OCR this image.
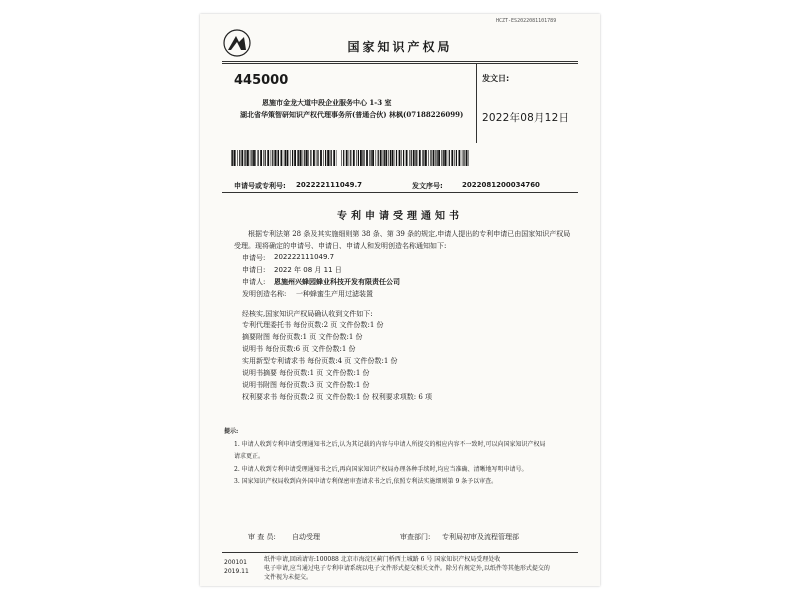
HCZT-ES2022081101789
国家知识产权局
445000
恩施市金龙大道中段企业服务中心 1-3 室
湖北省华策智研知识产权代理事务所(普通合伙) 林枫(07188226099)
发文日:
2022年08月12日
申请号或专利号: 202222111049.7	发文序号:	2022081200034760
专利申请受理通知书
根据专利法第 28 条及其实施细则第 38 条、第 39 条的规定,申请人提出的专利申请已由国家知识产权局
受理。现将确定的申请号、申请日、申请人和发明创造名称通知如下:
申请号: 202222111049.7
申请日: 2022 年 08 月 11 日
申请人: 恩施州兴蜂园蜂业科技开发有限责任公司
发明创造名称: 一种蜂蜜生产用过滤装置
经核实,国家知识产权局确认收到文件如下:
专利代理委托书 每份页数:2 页 文件份数:1 份
摘要附图 每份页数:1 页 文件份数:1 份
说明书 每份页数:6 页 文件份数:1 份
实用新型专利请求书 每份页数:4 页 文件份数:1 份
说明书摘要 每份页数:1 页 文件份数:1 份
说明书附图 每份页数:3 页 文件份数:1 份
权利要求书 每份页数:2 页 文件份数:1 份 权利要求项数: 6 项
提示:
1. 申请人收到专利申请受理通知书之后,认为其记载的内容与申请人所提交的相应内容不一致时,可以向国家知识产权局
请求更正。
2. 申请人收到专利申请受理通知书之后,再向国家知识产权局办理各种手续时,均应当准确、清晰地写明申请号。
3. 国家知识产权局收到向外国申请专利保密审查请求书之后,依照专利法实施细则第 9 条予以审查。
审 查 员: 自动受理	审查部门: 专利局初审及流程管理部
200101
2019.11
纸件申请,回函请寄:100088 北京市海淀区蓟门桥西土城路 6 号 国家知识产权局受理处收
电子申请,应当通过电子专利申请系统以电子文件形式提交相关文件。除另有规定外,以纸件等其他形式提交的
文件视为未提交。
